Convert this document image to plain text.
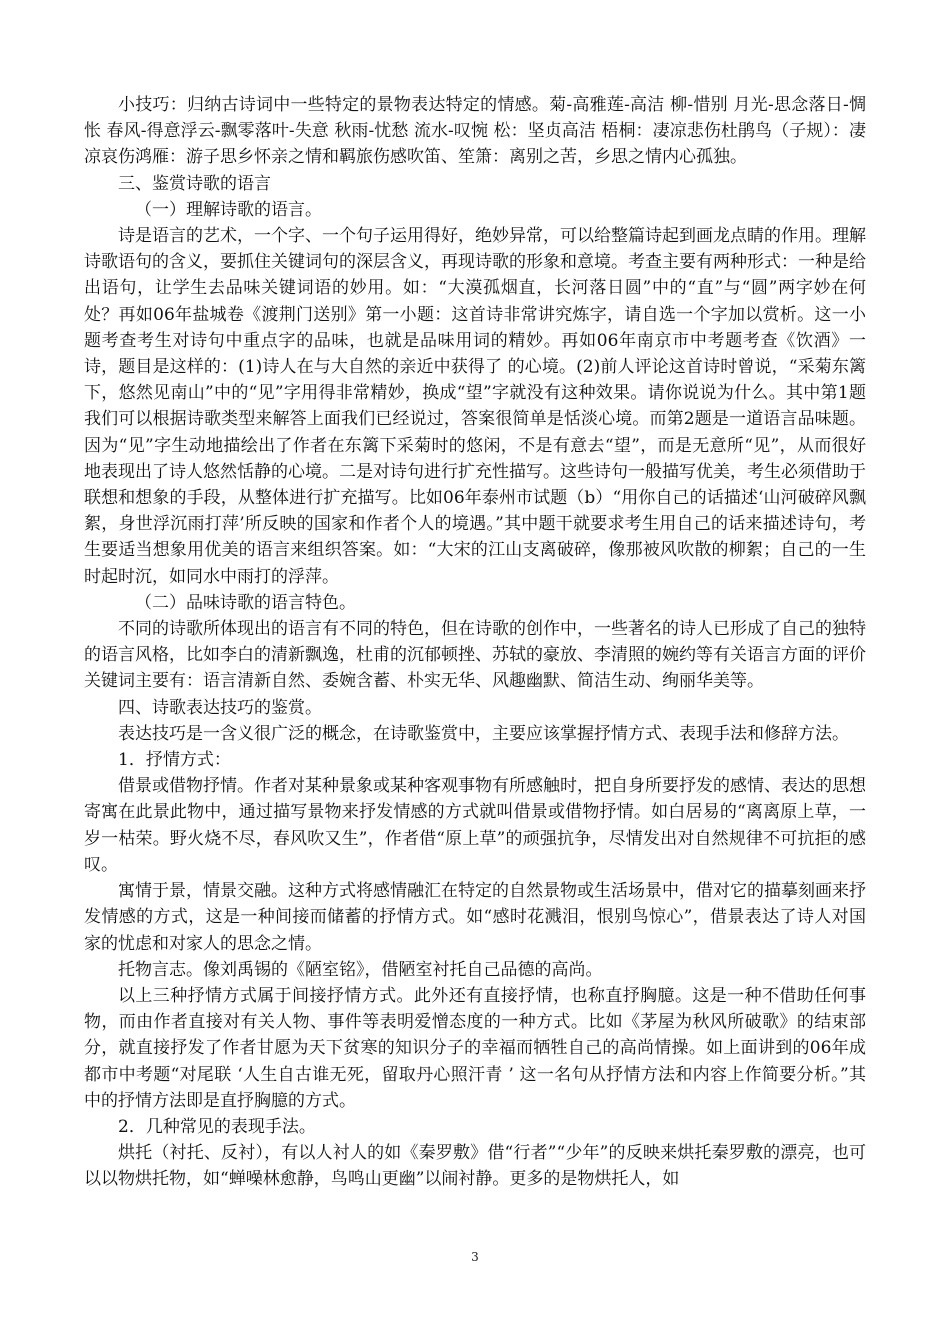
小技巧：归纳古诗词中一些特定的景物表达特定的情感。菊-高雅莲-高洁 柳-惜别 月光-思念落日-惆怅 春风-得意浮云-飘零落叶-失意 秋雨-忧愁 流水-叹惋 松：坚贞高洁 梧桐：凄凉悲伤杜鹃鸟（子规）：凄凉哀伤鸿雁：游子思乡怀亲之情和羁旅伤感吹笛、笙箫：离别之苦，乡思之情内心孤独。

三、鉴赏诗歌的语言

（一）理解诗歌的语言。

诗是语言的艺术，一个字、一个句子运用得好，绝妙异常，可以给整篇诗起到画龙点睛的作用。理解诗歌语句的含义，要抓住关键词句的深层含义，再现诗歌的形象和意境。考查主要有两种形式：一种是给出语句，让学生去品味关键词语的妙用。如：“大漠孤烟直，长河落日圆”中的“直”与“圆”两字妙在何处？再如06年盐城卷《渡荆门送别》第一小题：这首诗非常讲究炼字，请自选一个字加以赏析。这一小题考查考生对诗句中重点字的品味，也就是品味用词的精妙。再如06年南京市中考题考查《饮酒》一诗，题目是这样的：(1)诗人在与大自然的亲近中获得了 的心境。(2)前人评论这首诗时曾说，“采菊东篱下，悠然见南山”中的“见”字用得非常精妙，换成“望”字就没有这种效果。请你说说为什么。其中第1题我们可以根据诗歌类型来解答上面我们已经说过，答案很简单是恬淡心境。而第2题是一道语言品味题。因为“见”字生动地描绘出了作者在东篱下采菊时的悠闲，不是有意去“望”，而是无意所“见”，从而很好地表现出了诗人悠然恬静的心境。二是对诗句进行扩充性描写。这些诗句一般描写优美，考生必须借助于联想和想象的手段，从整体进行扩充描写。比如06年泰州市试题（b）“用你自己的话描述‘山河破碎风飘絮，身世浮沉雨打萍’所反映的国家和作者个人的境遇。”其中题干就要求考生用自己的话来描述诗句，考生要适当想象用优美的语言来组织答案。如：“大宋的江山支离破碎，像那被风吹散的柳絮；自己的一生时起时沉，如同水中雨打的浮萍。

（二）品味诗歌的语言特色。

不同的诗歌所体现出的语言有不同的特色，但在诗歌的创作中，一些著名的诗人已形成了自己的独特的语言风格，比如李白的清新飘逸，杜甫的沉郁顿挫、苏轼的豪放、李清照的婉约等有关语言方面的评价关键词主要有：语言清新自然、委婉含蓄、朴实无华、风趣幽默、简洁生动、绚丽华美等。

四、诗歌表达技巧的鉴赏。

表达技巧是一含义很广泛的概念，在诗歌鉴赏中，主要应该掌握抒情方式、表现手法和修辞方法。

1．抒情方式：

借景或借物抒情。作者对某种景象或某种客观事物有所感触时，把自身所要抒发的感情、表达的思想寄寓在此景此物中，通过描写景物来抒发情感的方式就叫借景或借物抒情。如白居易的“离离原上草，一岁一枯荣。野火烧不尽，春风吹又生”，作者借“原上草”的顽强抗争，尽情发出对自然规律不可抗拒的感叹。

寓情于景，情景交融。这种方式将感情融汇在特定的自然景物或生活场景中，借对它的描摹刻画来抒发情感的方式，这是一种间接而储蓄的抒情方式。如“感时花溅泪，恨别鸟惊心”，借景表达了诗人对国家的忧虑和对家人的思念之情。

托物言志。像刘禹锡的《陋室铭》，借陋室衬托自己品德的高尚。

以上三种抒情方式属于间接抒情方式。此外还有直接抒情，也称直抒胸臆。这是一种不借助任何事物，而由作者直接对有关人物、事件等表明爱憎态度的一种方式。比如《茅屋为秋风所破歌》的结束部分，就直接抒发了作者甘愿为天下贫寒的知识分子的幸福而牺牲自己的高尚情操。如上面讲到的06年成都市中考题“对尾联 ‘人生自古谁无死，留取丹心照汗青 ’ 这一名句从抒情方法和内容上作简要分析。”其中的抒情方法即是直抒胸臆的方式。

2．几种常见的表现手法。

烘托（衬托、反衬），有以人衬人的如《秦罗敷》借“行者”“少年”的反映来烘托秦罗敷的漂亮，也可以以物烘托物，如“蝉噪林愈静，鸟鸣山更幽”以闹衬静。更多的是物烘托人，如

3
